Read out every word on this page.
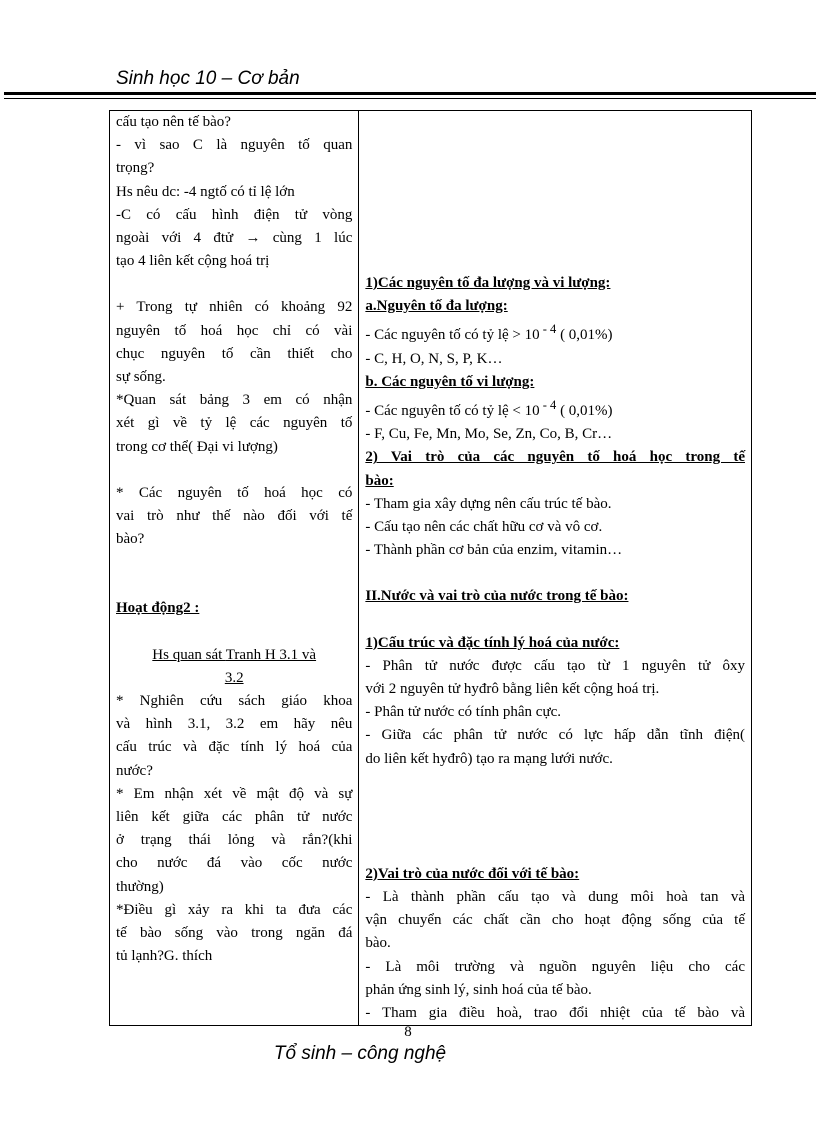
Sinh học 10 – Cơ bản
cấu tạo nên tế bào?
- vì sao C là nguyên tố quan
trọng?
Hs nêu dc: -4 ngtố có tỉ lệ lớn
-C có cấu hình điện tử vòng
ngoài với 4 đtử → cùng 1 lúc
tạo 4 liên kết cộng hoá trị
+ Trong tự nhiên có khoảng 92
nguyên tố hoá học chỉ có vài
chục nguyên tố cần thiết cho
sự sống.
*Quan sát bảng 3 em có nhận
xét gì về tỷ lệ các nguyên tố
trong cơ thể( Đại vi lượng)
* Các nguyên tố hoá học có
vai trò như thế nào đối với tế
bào?
Hoạt động2 :
Hs quan sát Tranh H 3.1 và
3.2
* Nghiên cứu sách giáo khoa
và hình 3.1, 3.2 em hãy nêu
cấu trúc và đặc tính lý hoá của
nước?
* Em nhận xét về mật độ và sự
liên kết giữa các phân tử nước
ở trạng thái lỏng và rắn?(khi
cho nước đá vào cốc nước
thường)
*Điều gì xảy ra khi ta đưa các
tế bào sống vào trong ngăn đá
tủ lạnh?G. thích

1)Các nguyên tố đa lượng và vi lượng:
a.Nguyên tố đa lượng:
- Các nguyên tố có tỷ lệ > 10 $^{- 4}$ ( 0,01%)
- C, H, O, N, S, P, K…
b. Các nguyên tố vi lượng:
- Các nguyên tố có tỷ lệ < 10 $^{- 4}$ ( 0,01%)
- F, Cu, Fe, Mn, Mo, Se, Zn, Co, B, Cr…
2) Vai trò của các nguyên tố hoá học trong tế
bào:
- Tham gia xây dựng nên cấu trúc tế bào.
- Cấu tạo nên các chất hữu cơ và vô cơ.
- Thành phần cơ bản của enzim, vitamin…
II.Nước và vai trò của nước trong tế bào:
1)Cấu trúc và đặc tính lý hoá của nước:
- Phân tử nước được cấu tạo từ 1 nguyên tử ôxy
với 2 nguyên tử hyđrô bằng liên kết cộng hoá trị.
- Phân tử nước có tính phân cực.
- Giữa các phân tử nước có lực hấp dẫn tĩnh điện(
do liên kết hyđrô) tạo ra mạng lưới nước.
2)Vai trò của nước đối với tế bào:
- Là thành phần cấu tạo và dung môi hoà tan và
vận chuyển các chất cần cho hoạt động sống của tế
bào.
- Là môi trường và nguồn nguyên liệu cho các
phản ứng sinh lý, sinh hoá của tế bào.
- Tham gia điều hoà, trao đổi nhiệt của tế bào và
8
Tổ sinh – công nghệ
